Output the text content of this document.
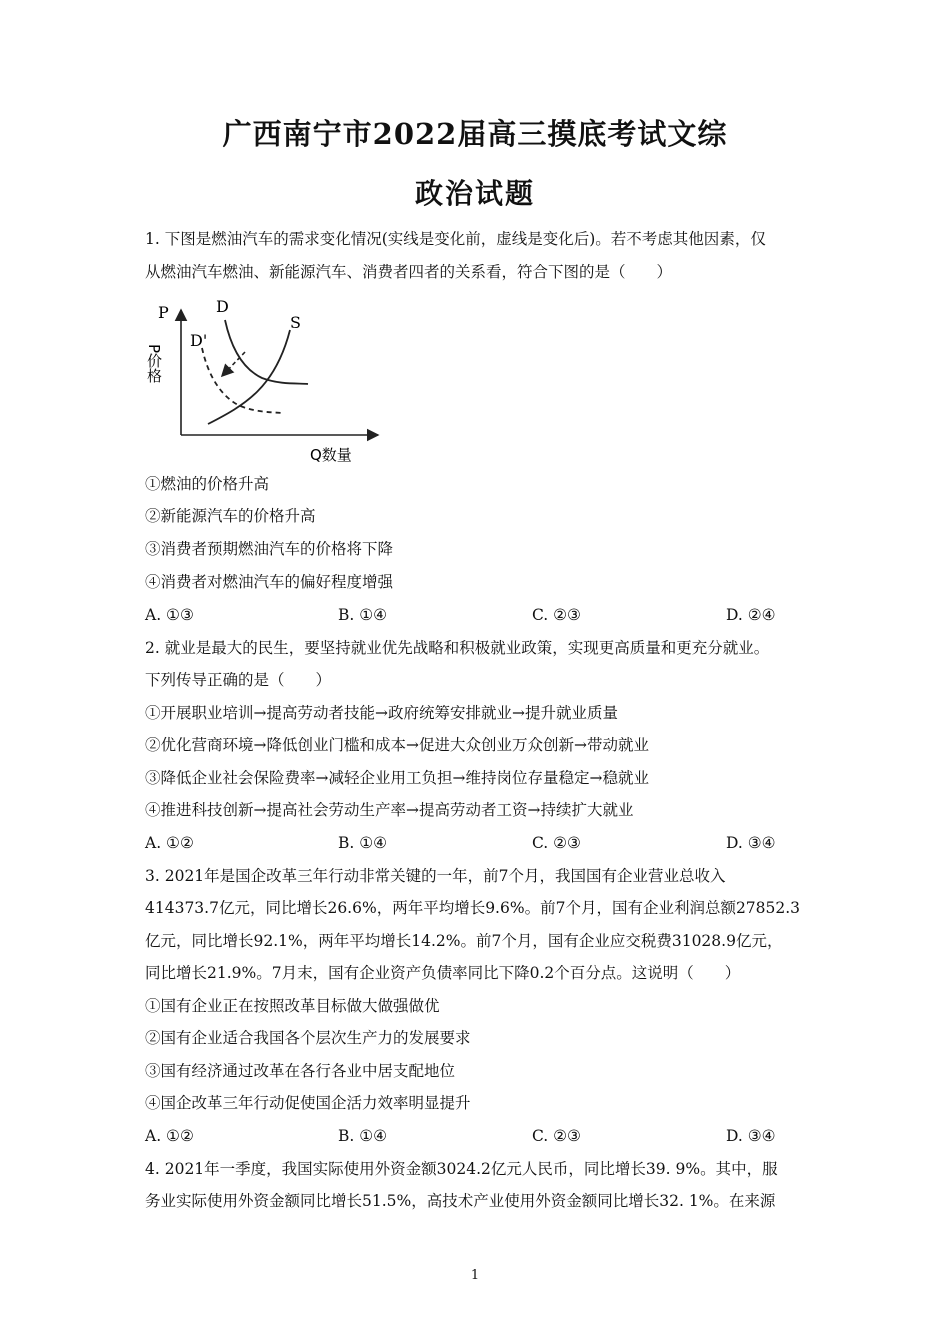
广西南宁市2022届高三摸底考试文综
政治试题
1. 下图是燃油汽车的需求变化情况(实线是变化前，虚线是变化后)。若不考虑其他因素，仅
从燃油汽车燃油、新能源汽车、消费者四者的关系看，符合下图的是（　　）
P
P价格
Q数量
D
D'
S
①燃油的价格升高
②新能源汽车的价格升高
③消费者预期燃油汽车的价格将下降
④消费者对燃油汽车的偏好程度增强
A. ①③	B. ①④	C. ②③	D. ②④
2. 就业是最大的民生，要坚持就业优先战略和积极就业政策，实现更高质量和更充分就业。
下列传导正确的是（　　）
①开展职业培训→提高劳动者技能→政府统筹安排就业→提升就业质量
②优化营商环境→降低创业门槛和成本→促进大众创业万众创新→带动就业
③降低企业社会保险费率→减轻企业用工负担→维持岗位存量稳定→稳就业
④推进科技创新→提高社会劳动生产率→提高劳动者工资→持续扩大就业
A. ①②	B. ①④	C. ②③	D. ③④
3. 2021年是国企改革三年行动非常关键的一年，前7个月，我国国有企业营业总收入
414373.7亿元，同比增长26.6%，两年平均增长9.6%。前7个月，国有企业利润总额27852.3
亿元，同比增长92.1%，两年平均增长14.2%。前7个月，国有企业应交税费31028.9亿元，
同比增长21.9%。7月末，国有企业资产负债率同比下降0.2个百分点。这说明（　　）
①国有企业正在按照改革目标做大做强做优
②国有企业适合我国各个层次生产力的发展要求
③国有经济通过改革在各行各业中居支配地位
④国企改革三年行动促使国企活力效率明显提升
A. ①②	B. ①④	C. ②③	D. ③④
4. 2021年一季度，我国实际使用外资金额3024.2亿元人民币，同比增长39. 9%。其中，服
务业实际使用外资金额同比增长51.5%，高技术产业使用外资金额同比增长32. 1%。在来源
1
